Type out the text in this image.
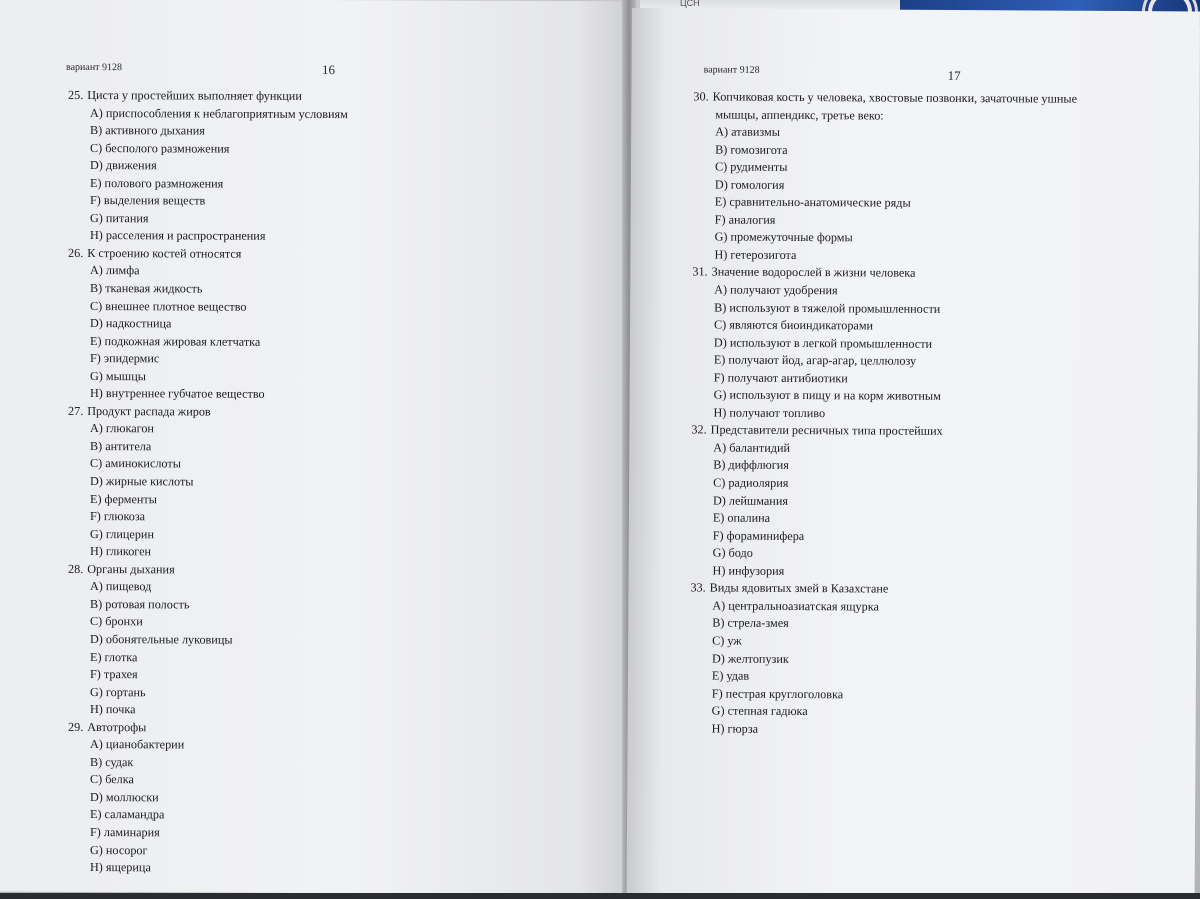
ЦСН
вариант 9128	16
25. Циста у простейших выполняет функции
A) приспособления к неблагоприятным условиям
B) активного дыхания
C) бесполого размножения
D) движения
E) полового размножения
F) выделения веществ
G) питания
H) расселения и распространения
26. К строению костей относятся
A) лимфа
B) тканевая жидкость
C) внешнее плотное вещество
D) надкостница
E) подкожная жировая клетчатка
F) эпидермис
G) мышцы
H) внутреннее губчатое вещество
27. Продукт распада жиров
A) глюкагон
B) антитела
C) аминокислоты
D) жирные кислоты
E) ферменты
F) глюкоза
G) глицерин
H) гликоген
28. Органы дыхания
A) пищевод
B) ротовая полость
C) бронхи
D) обонятельные луковицы
E) глотка
F) трахея
G) гортань
H) почка
29. Автотрофы
A) цианобактерии
B) судак
C) белка
D) моллюски
E) саламандра
F) ламинария
G) носорог
H) ящерица
вариант 9128	17
30. Копчиковая кость у человека, хвостовые позвонки, зачаточные ушные
мышцы, аппендикс, третье веко:
A) атавизмы
B) гомозигота
C) рудименты
D) гомология
E) сравнительно-анатомические ряды
F) аналогия
G) промежуточные формы
H) гетерозигота
31. Значение водорослей в жизни человека
A) получают удобрения
B) используют в тяжелой промышленности
C) являются биоиндикаторами
D) используют в легкой промышленности
E) получают йод, агар-агар, целлюлозу
F) получают антибиотики
G) используют в пищу и на корм животным
H) получают топливо
32. Представители ресничных типа простейших
A) балантидий
B) диффлюгия
C) радиолярия
D) лейшмания
E) опалина
F) фораминифера
G) бодо
H) инфузория
33. Виды ядовитых змей в Казахстане
A) центральноазиатская ящурка
B) стрела-змея
C) уж
D) желтопузик
E) удав
F) пестрая круглоголовка
G) степная гадюка
H) гюрза
